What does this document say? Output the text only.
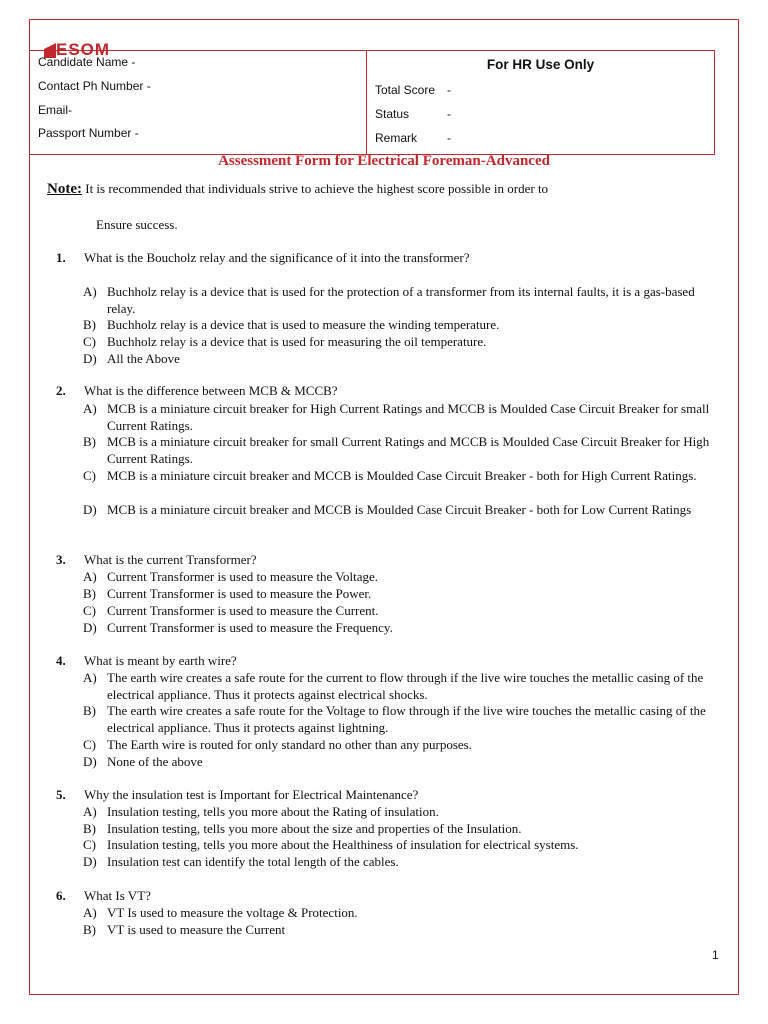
ESOM
Candidate Name -
Contact Ph Number -
Email-
Passport Number -
For HR Use Only
Total Score -
Status	-
Remark -
Assessment Form for Electrical Foreman-Advanced
Note: It is recommended that individuals strive to achieve the highest score possible in order to
Ensure success.
1.	What is the Boucholz relay and the significance of it into the transformer?
A) Buchholz relay is a device that is used for the protection of a transformer from its internal faults, it is a gas-based relay.
B) Buchholz relay is a device that is used to measure the winding temperature.
C) Buchholz relay is a device that is used for measuring the oil temperature.
D) All the Above
2.	What is the difference between MCB & MCCB?
A) MCB is a miniature circuit breaker for High Current Ratings and MCCB is Moulded Case Circuit Breaker for small Current Ratings.
B) MCB is a miniature circuit breaker for small Current Ratings and MCCB is Moulded Case Circuit Breaker for High Current Ratings.
C) MCB is a miniature circuit breaker and MCCB is Moulded Case Circuit Breaker - both for High Current Ratings.
D) MCB is a miniature circuit breaker and MCCB is Moulded Case Circuit Breaker - both for Low Current Ratings
3.	What is the current Transformer?
A) Current Transformer is used to measure the Voltage.
B) Current Transformer is used to measure the Power.
C) Current Transformer is used to measure the Current.
D) Current Transformer is used to measure the Frequency.
4.	What is meant by earth wire?
A) The earth wire creates a safe route for the current to flow through if the live wire touches the metallic casing of the electrical appliance. Thus it protects against electrical shocks.
B) The earth wire creates a safe route for the Voltage to flow through if the live wire touches the metallic casing of the electrical appliance. Thus it protects against lightning.
C) The Earth wire is routed for only standard no other than any purposes.
D) None of the above
5.	Why the insulation test is Important for Electrical Maintenance?
A) Insulation testing, tells you more about the Rating of insulation.
B) Insulation testing, tells you more about the size and properties of the Insulation.
C) Insulation testing, tells you more about the Healthiness of insulation for electrical systems.
D) Insulation test can identify the total length of the cables.
6.	What Is VT?
A) VT Is used to measure the voltage & Protection.
B) VT is used to measure the Current
1
